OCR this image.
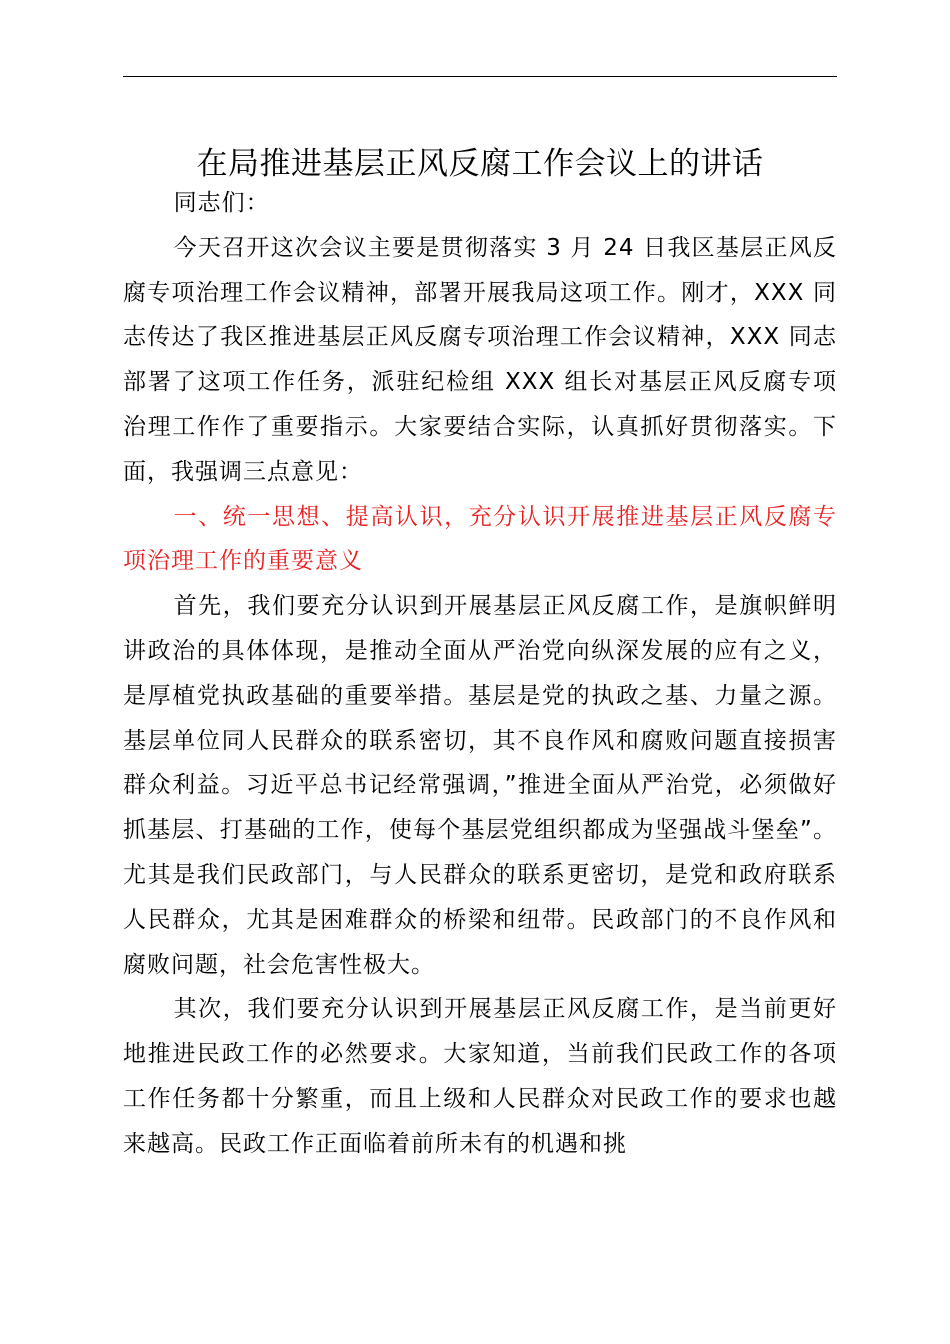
在局推进基层正风反腐工作会议上的讲话

同志们：

今天召开这次会议主要是贯彻落实 3 月 24 日我区基层正风反腐专项治理工作会议精神，部署开展我局这项工作。刚才，XXX 同志传达了我区推进基层正风反腐专项治理工作会议精神，XXX 同志部署了这项工作任务，派驻纪检组 XXX 组长对基层正风反腐专项治理工作作了重要指示。大家要结合实际，认真抓好贯彻落实。下面，我强调三点意见：

一、统一思想、提高认识，充分认识开展推进基层正风反腐专项治理工作的重要意义

首先，我们要充分认识到开展基层正风反腐工作，是旗帜鲜明讲政治的具体体现，是推动全面从严治党向纵深发展的应有之义，是厚植党执政基础的重要举措。基层是党的执政之基、力量之源。基层单位同人民群众的联系密切，其不良作风和腐败问题直接损害群众利益。习近平总书记经常强调，”推进全面从严治党，必须做好抓基层、打基础的工作，使每个基层党组织都成为坚强战斗堡垒”。尤其是我们民政部门，与人民群众的联系更密切，是党和政府联系人民群众，尤其是困难群众的桥梁和纽带。民政部门的不良作风和腐败问题，社会危害性极大。

其次，我们要充分认识到开展基层正风反腐工作，是当前更好地推进民政工作的必然要求。大家知道，当前我们民政工作的各项工作任务都十分繁重，而且上级和人民群众对民政工作的要求也越来越高。民政工作正面临着前所未有的机遇和挑
